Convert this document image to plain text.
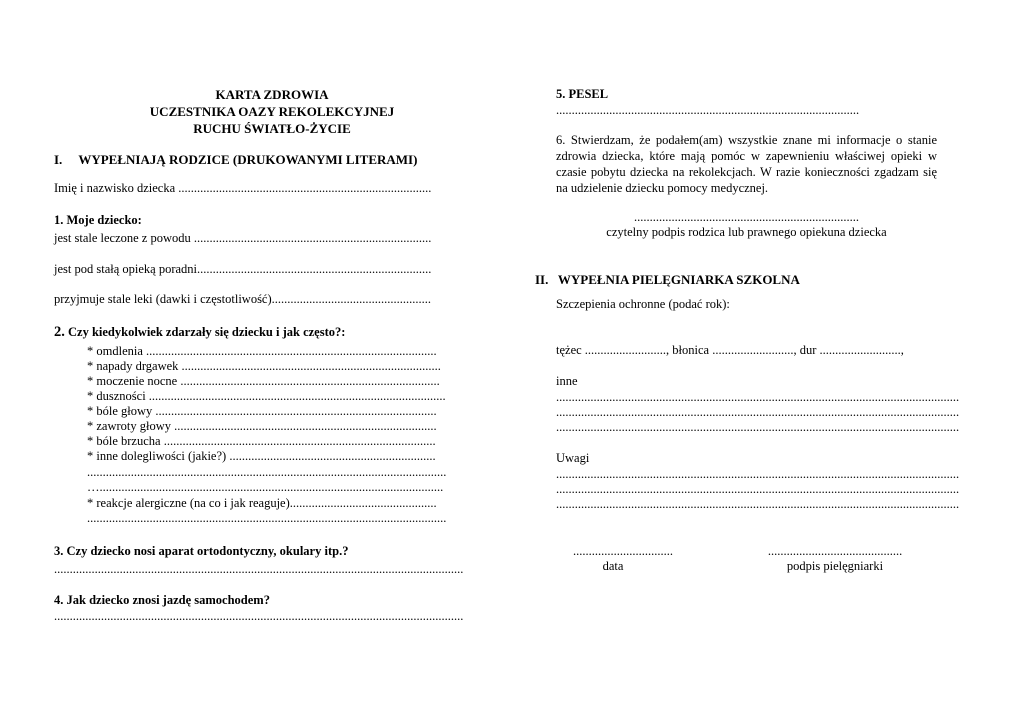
KARTA ZDROWIA
UCZESTNIKA OAZY REKOLEKCYJNEJ
RUCHU ŚWIATŁO-ŻYCIE
I.     WYPEŁNIAJĄ RODZICE (DRUKOWANYMI LITERAMI)
Imię i nazwisko dziecka .................................................................................
1. Moje dziecko:
jest stale leczone z powodu ............................................................................
jest pod stałą opieką poradni...........................................................................
przyjmuje stale leki (dawki i częstotliwość)...................................................
2. Czy kiedykolwiek zdarzały się dziecku i jak często?:
* omdlenia .............................................................................................
* napady drgawek ...................................................................................
* moczenie nocne ...................................................................................
* duszności ...............................................................................................
* bóle głowy ..........................................................................................
* zawroty głowy ....................................................................................
* bóle brzucha .......................................................................................
* inne dolegliwości (jakie?) ..................................................................
...................................................................................................................
…..............................................................................................................
* reakcje alergiczne (na co i jak reaguje)...............................................
...................................................................................................................
3. Czy dziecko nosi aparat ortodontyczny, okulary itp.?
...................................................................................................................................
4. Jak dziecko znosi jazdę samochodem?
...................................................................................................................................
5. PESEL
.................................................................................................
6. Stwierdzam, że podałem(am) wszystkie znane mi informacje o stanie zdrowia dziecka, które mają pomóc w zapewnieniu właściwej opieki w czasie pobytu dziecka na rekolekcjach. W razie konieczności zgadzam się na udzielenie dziecku pomocy medycznej.
........................................................................
czytelny podpis rodzica lub prawnego opiekuna dziecka
II.   WYPEŁNIA PIELĘGNIARKA SZKOLNA
Szczepienia ochronne (podać rok):
tężec .........................., błonica .........................., dur ..........................,
inne
.................................................................................................................................
.................................................................................................................................
.................................................................................................................................
Uwagi
.................................................................................................................................
.................................................................................................................................
.................................................................................................................................
................................
data
...........................................
podpis pielęgniarki
